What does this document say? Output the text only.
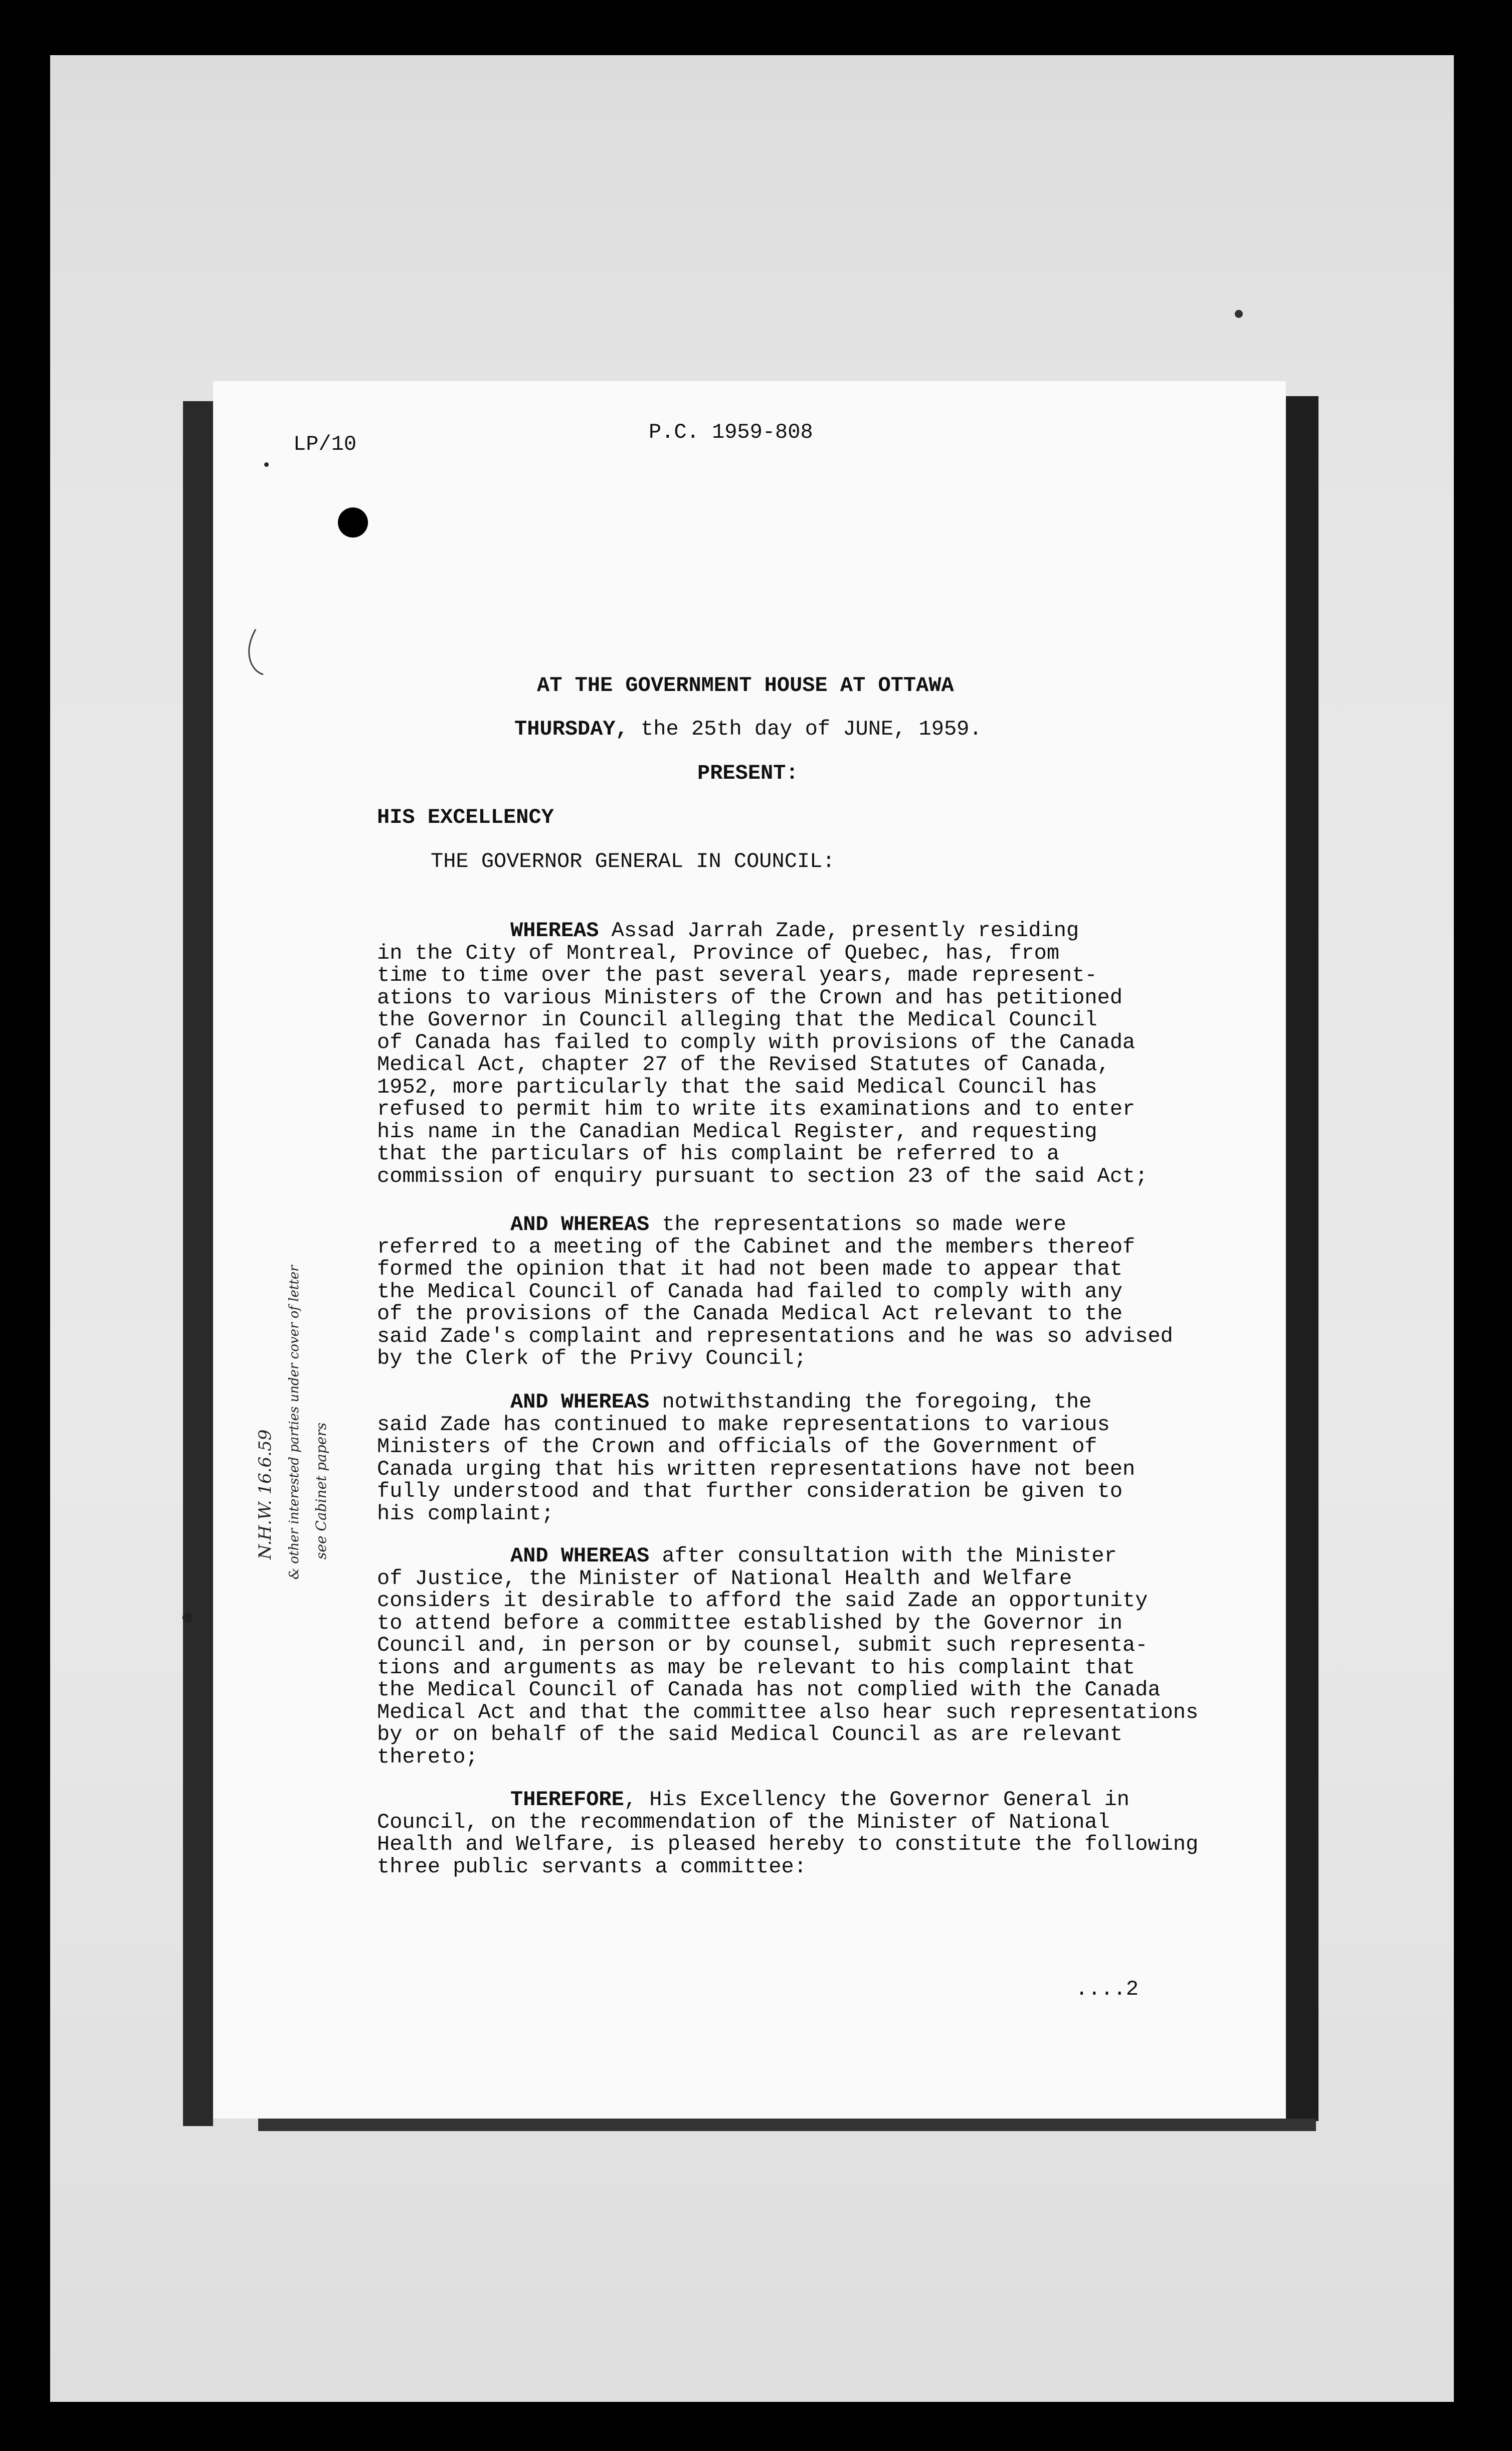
LP/10	P.C. 1959-808

AT THE GOVERNMENT HOUSE AT OTTAWA

THURSDAY, the 25th day of JUNE, 1959.

PRESENT:

HIS EXCELLENCY

THE GOVERNOR GENERAL IN COUNCIL:

WHEREAS Assad Jarrah Zade, presently residing

in the City of Montreal, Province of Quebec, has, from

time to time over the past several years, made represent-

ations to various Ministers of the Crown and has petitioned

the Governor in Council alleging that the Medical Council

of Canada has failed to comply with provisions of the Canada

Medical Act, chapter 27 of the Revised Statutes of Canada,

1952, more particularly that the said Medical Council has

refused to permit him to write its examinations and to enter

his name in the Canadian Medical Register, and requesting

that the particulars of his complaint be referred to a

commission of enquiry pursuant to section 23 of the said Act;

AND WHEREAS the representations so made were

referred to a meeting of the Cabinet and the members thereof

formed the opinion that it had not been made to appear that

the Medical Council of Canada had failed to comply with any

of the provisions of the Canada Medical Act relevant to the

said Zade's complaint and representations and he was so advised

by the Clerk of the Privy Council;

AND WHEREAS notwithstanding the foregoing, the

said Zade has continued to make representations to various

Ministers of the Crown and officials of the Government of

Canada urging that his written representations have not been

fully understood and that further consideration be given to

his complaint;

AND WHEREAS after consultation with the Minister

of Justice, the Minister of National Health and Welfare

considers it desirable to afford the said Zade an opportunity

to attend before a committee established by the Governor in

Council and, in person or by counsel, submit such representa-

tions and arguments as may be relevant to his complaint that

the Medical Council of Canada has not complied with the Canada

Medical Act and that the committee also hear such representations

by or on behalf of the said Medical Council as are relevant

thereto;

THEREFORE, His Excellency the Governor General in

Council, on the recommendation of the Minister of National

Health and Welfare, is pleased hereby to constitute the following

three public servants a committee:

....2

N.H.W. 16.6.59 & other interested parties under cover of letter see Cabinet papers
